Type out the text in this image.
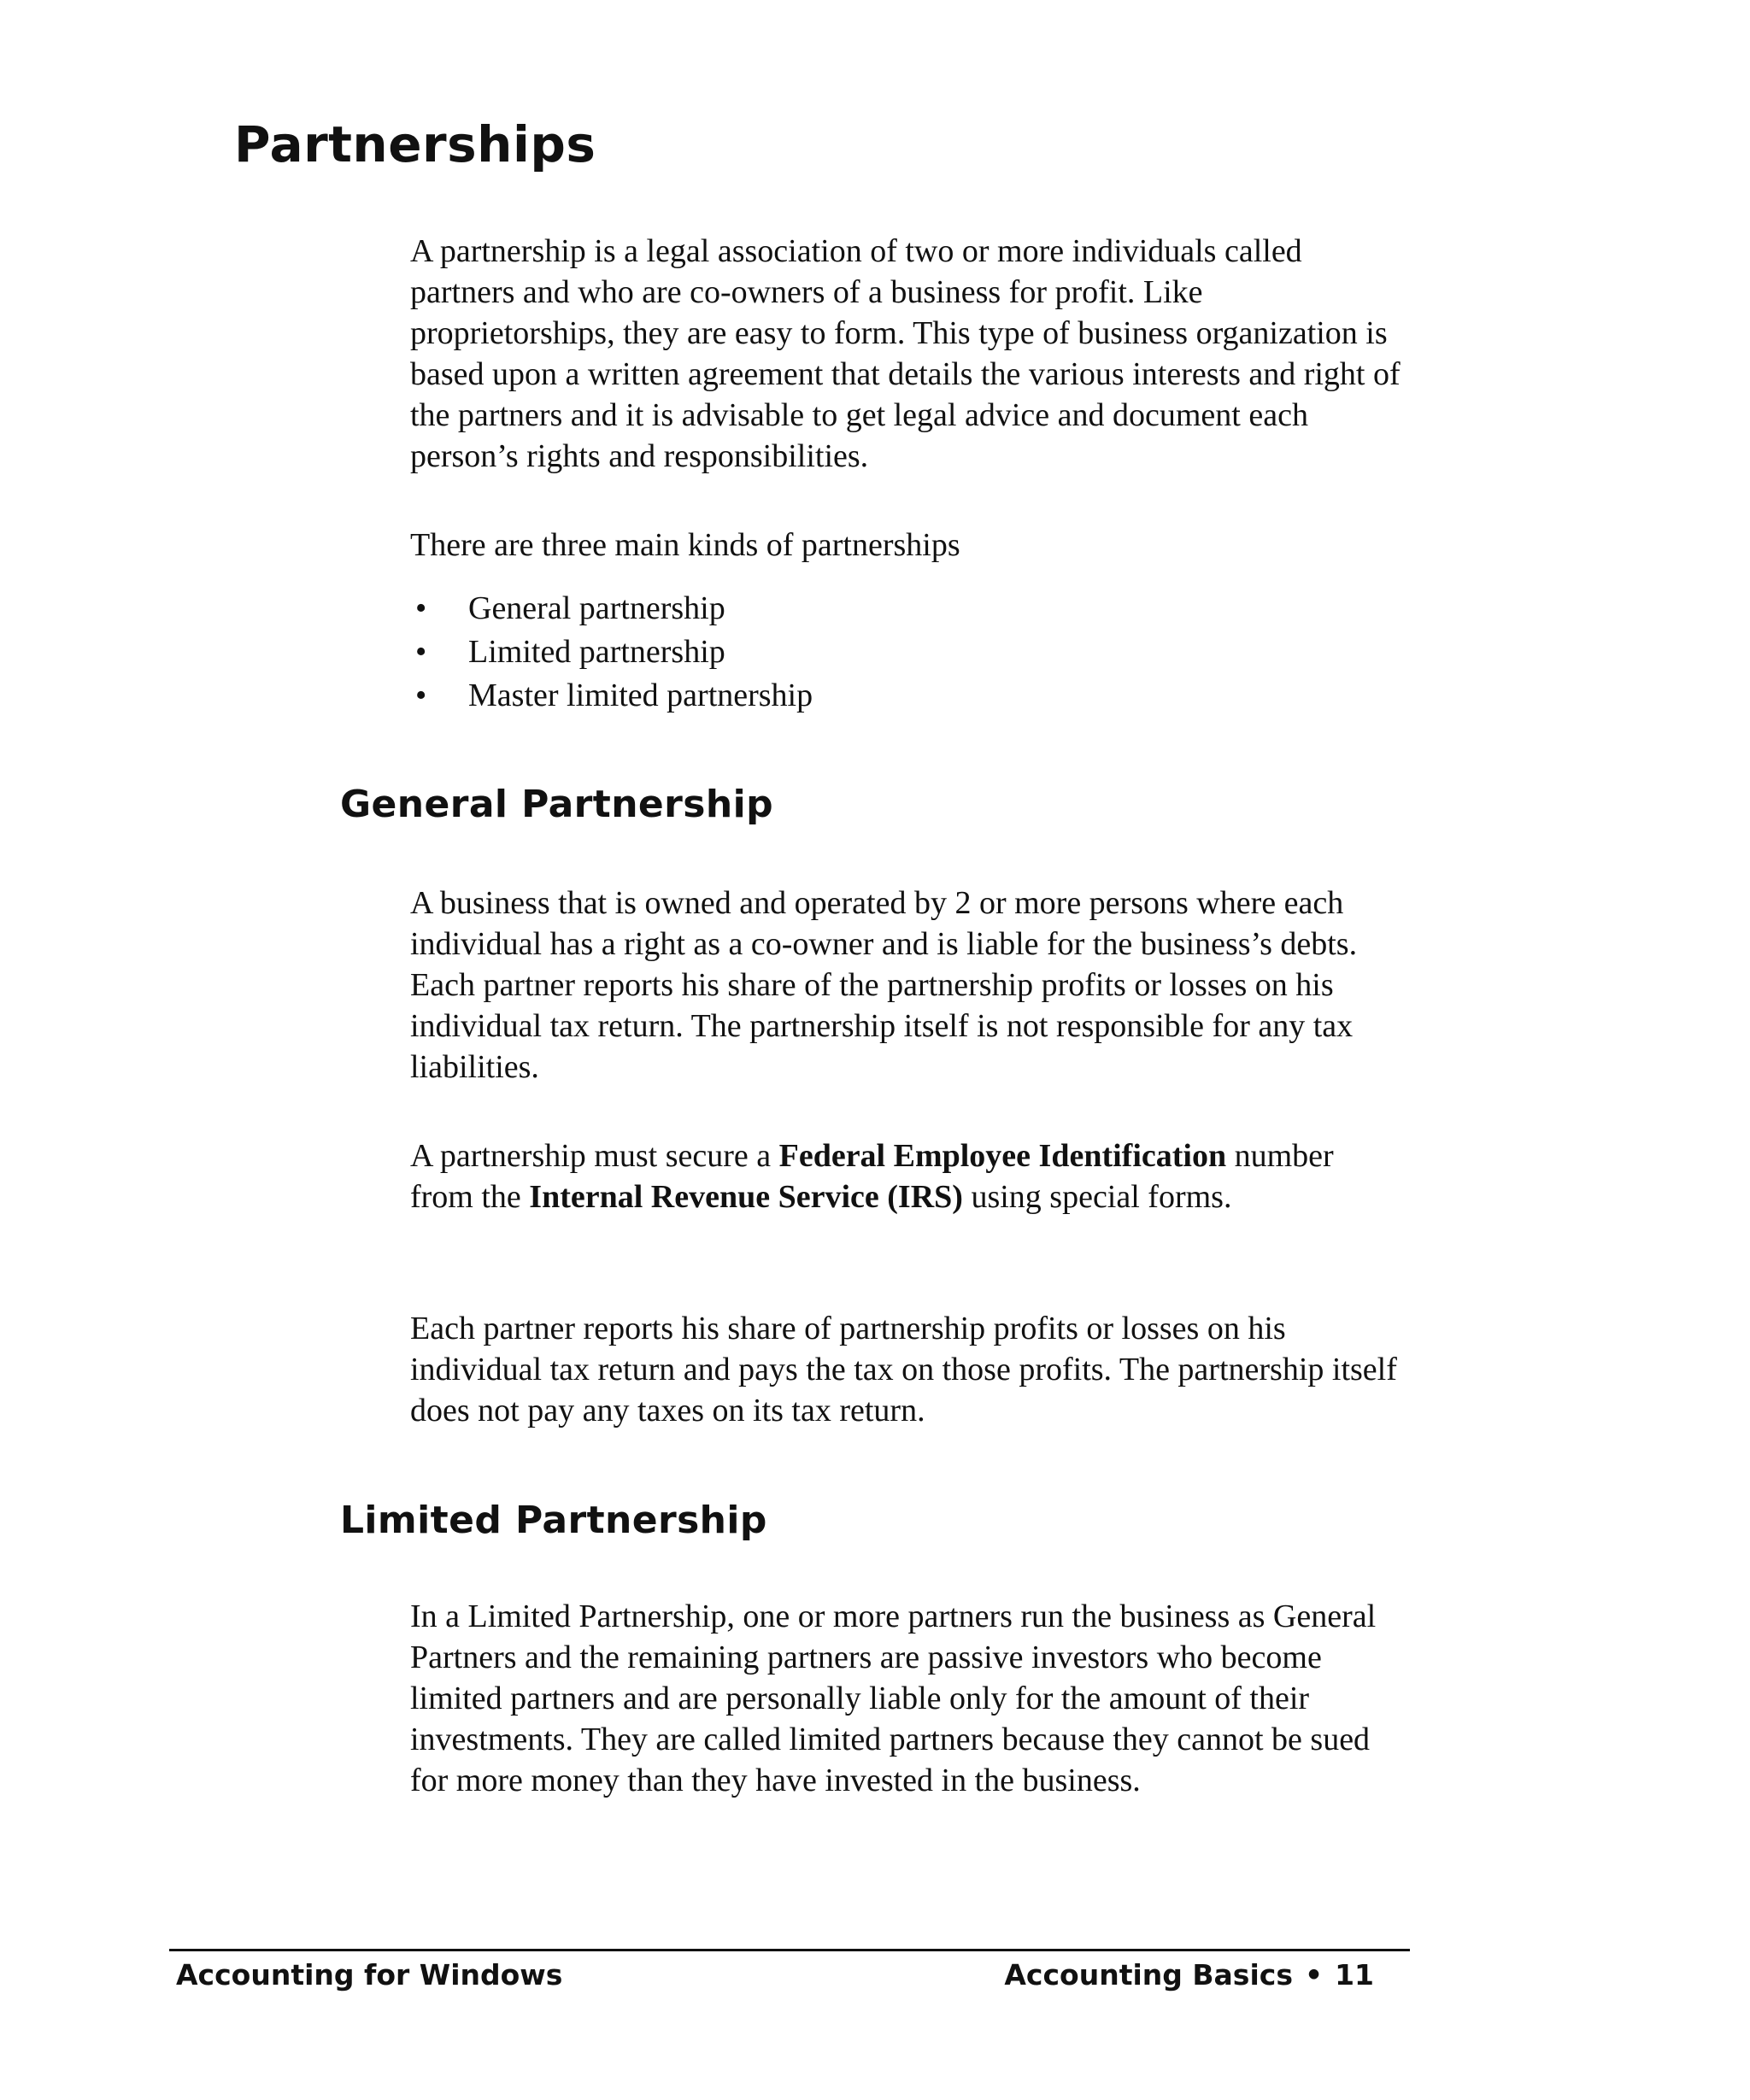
Partnerships

A partnership is a legal association of two or more individuals called partners and who are co-owners of a business for profit. Like proprietorships, they are easy to form. This type of business organization is based upon a written agreement that details the various interests and right of the partners and it is advisable to get legal advice and document each person’s rights and responsibilities.

There are three main kinds of partnerships

• General partnership
• Limited partnership
• Master limited partnership
General Partnership

A business that is owned and operated by 2 or more persons where each individual has a right as a co-owner and is liable for the business’s debts. Each partner reports his share of the partnership profits or losses on his individual tax return. The partnership itself is not responsible for any tax liabilities.

A partnership must secure a Federal Employee Identification number from the Internal Revenue Service (IRS) using special forms.

Each partner reports his share of partnership profits or losses on his individual tax return and pays the tax on those profits. The partnership itself does not pay any taxes on its tax return.

Limited Partnership

In a Limited Partnership, one or more partners run the business as General Partners and the remaining partners are passive investors who become limited partners and are personally liable only for the amount of their investments. They are called limited partners because they cannot be sued for more money than they have invested in the business.

Accounting for Windows	Accounting Basics • 11
